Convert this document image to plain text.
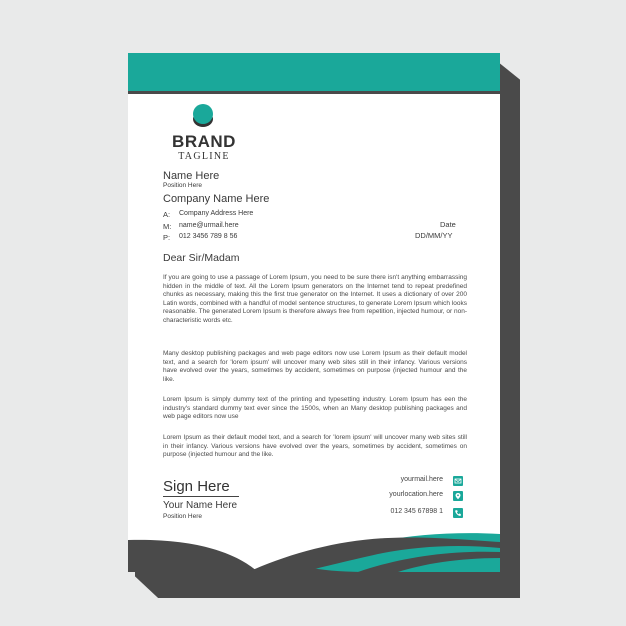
BRAND
TAGLINE
Name Here
Position Here
Company Name Here
A: Company Address Here
M: name@urmail.here
P: 012 3456 789 8 56
Date
DD/MM/YY
Dear Sir/Madam
If you are going to use a passage of Lorem Ipsum, you need to be sure there isn't anything embarrassing hidden in the middle of text. All the Lorem Ipsum generators on the Internet tend to repeat predefined chunks as necessary, making this the first true generator on the Internet. It uses a dictionary of over 200 Latin words, combined with a handful of model sentence structures, to generate Lorem Ipsum which looks reasonable. The generated Lorem Ipsum is therefore always free from repetition, injected humour, or non-characteristic words etc.
Many desktop publishing packages and web page editors now use Lorem Ipsum as their default model text, and a search for 'lorem ipsum' will uncover many web sites still in their infancy. Various versions have evolved over the years, sometimes by accident, sometimes on purpose (injected humour and the like.
Lorem Ipsum is simply dummy text of the printing and typesetting industry. Lorem Ipsum has een the industry's standard dummy text ever since the 1500s, when an Many desktop publishing packages and web page editors now use
Lorem Ipsum as their default model text, and a search for 'lorem ipsum' will uncover many web sites still in their infancy. Various versions have evolved over the years, sometimes by accident, sometimes on purpose (injected humour and the like.
Sign Here
Your Name Here
Position Here
yourmail.here
yourlocation.here
012 345 67898 1
